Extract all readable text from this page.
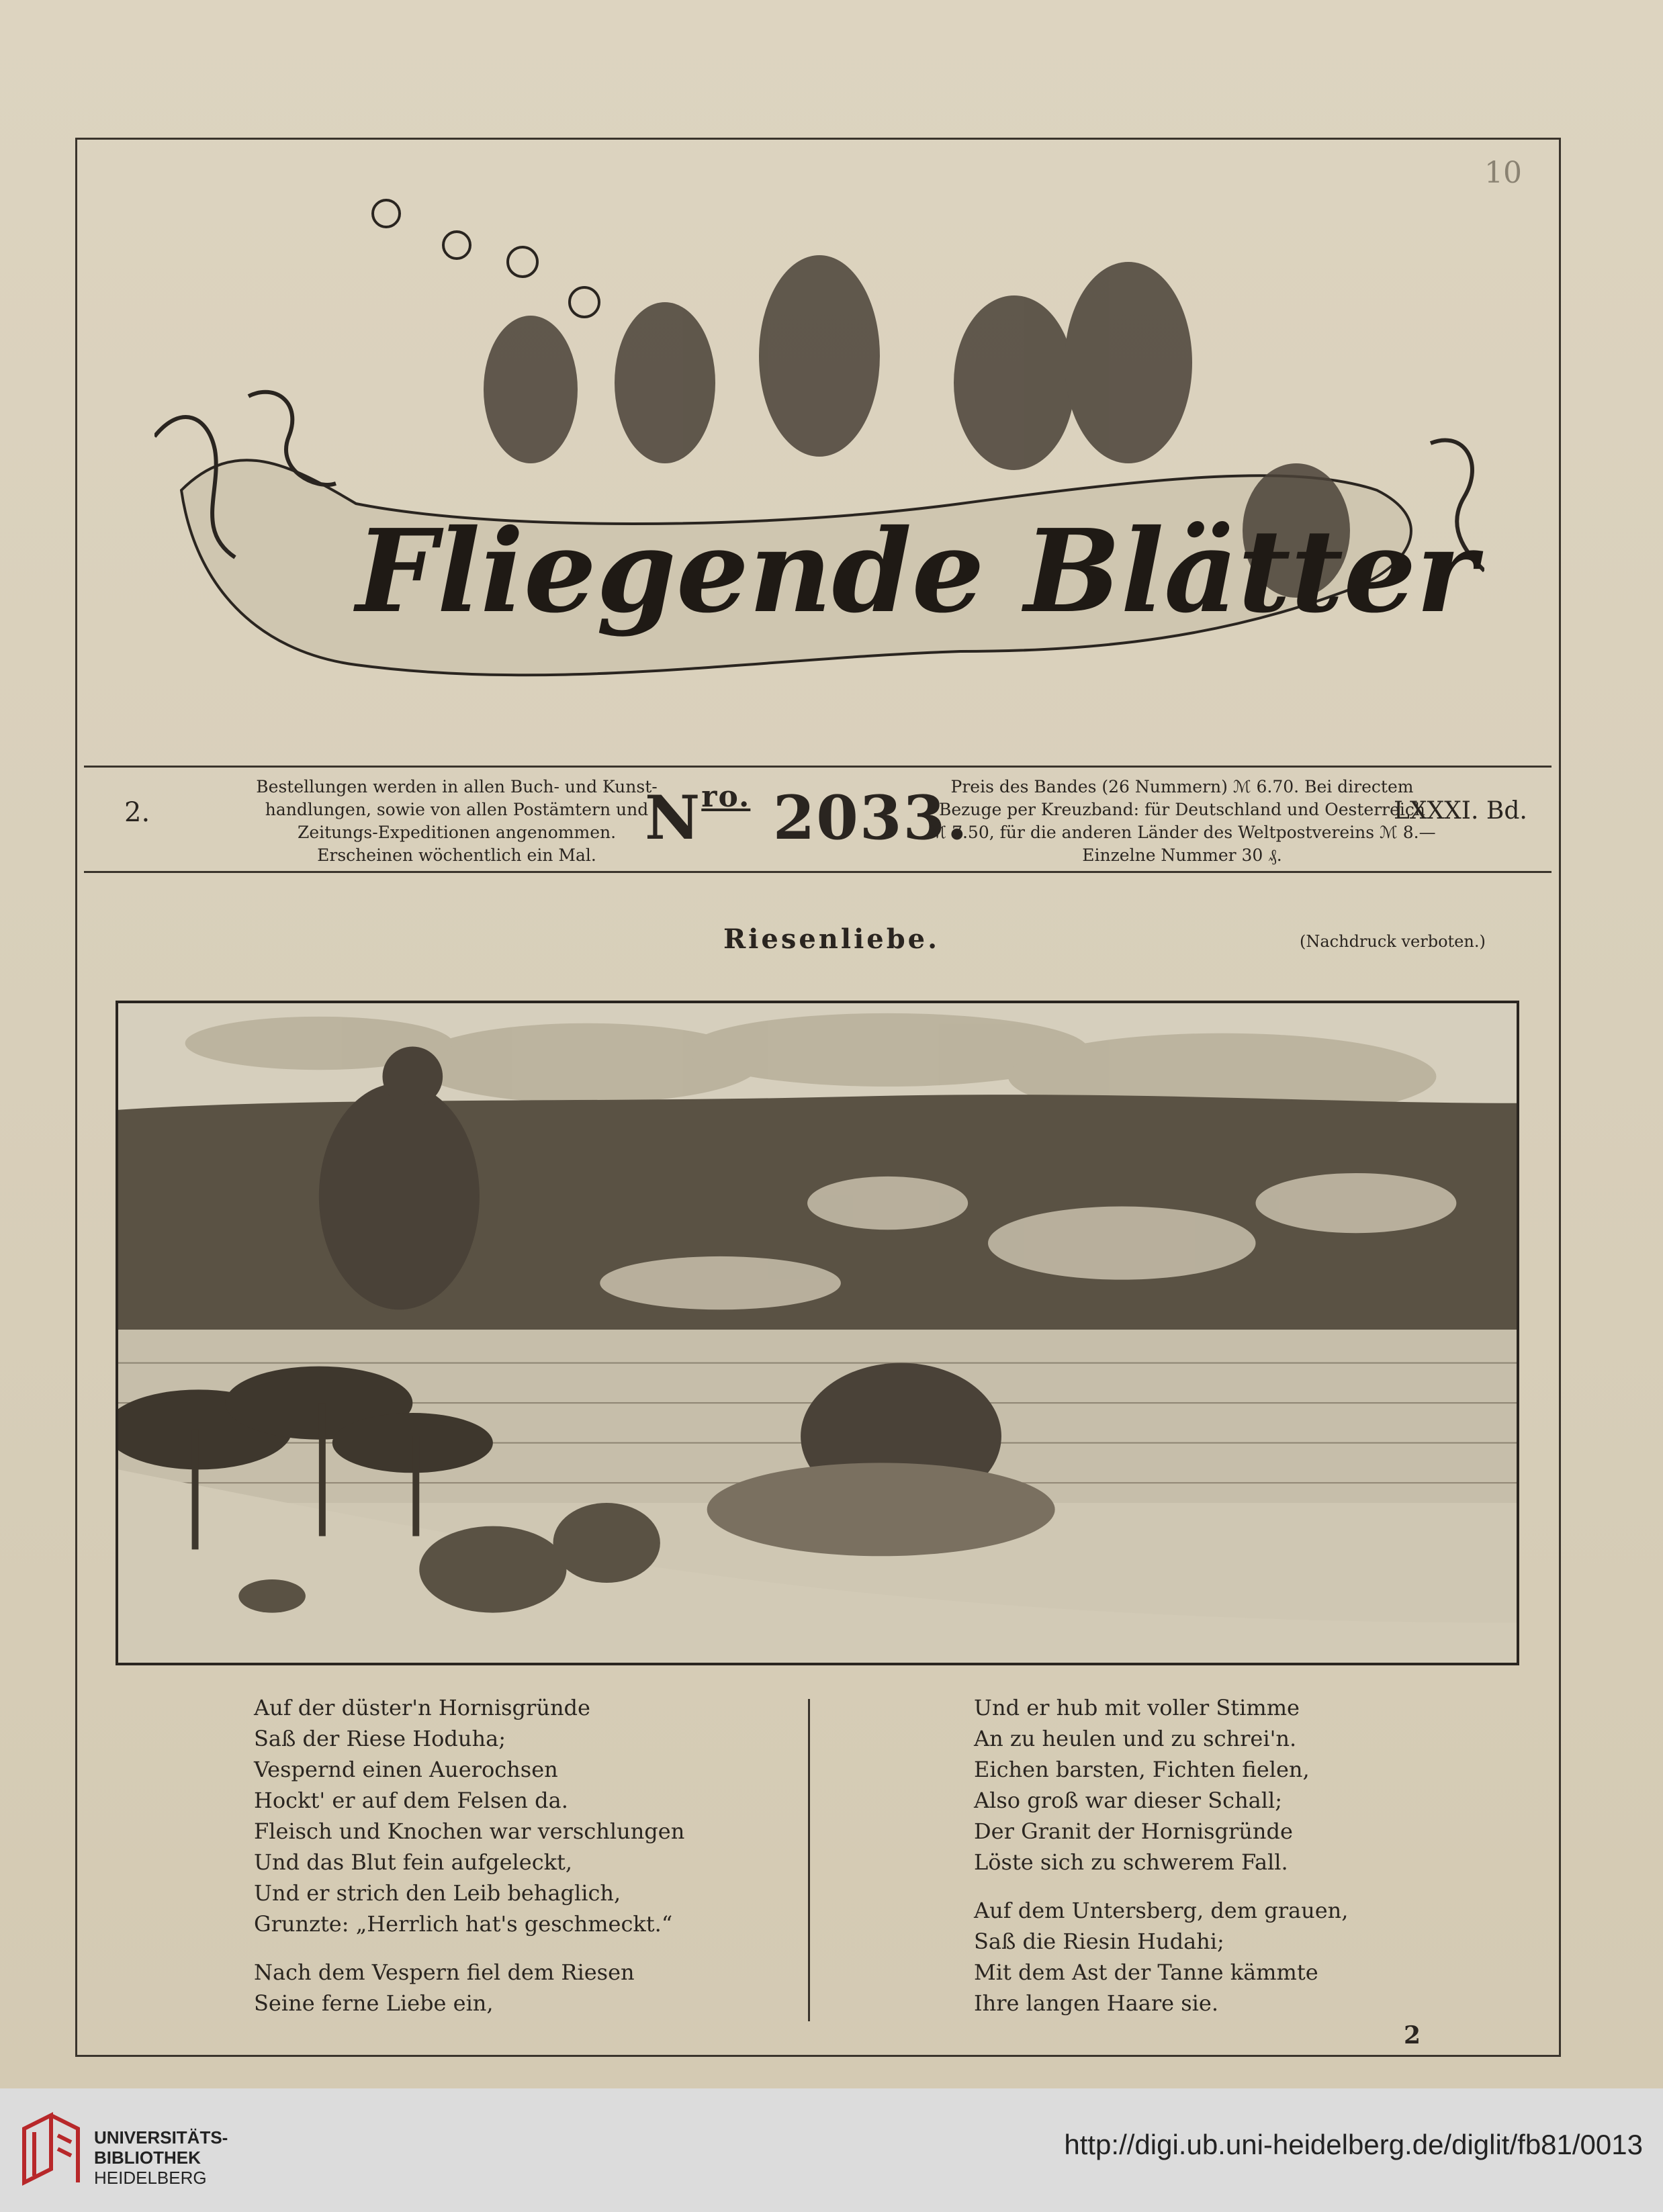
10
Fliegende Blätter
2.
Bestellungen werden in allen Buch- und Kunst-
handlungen, sowie von allen Postämtern und
Zeitungs-Expeditionen angenommen.
Erscheinen wöchentlich ein Mal.
$N^{ro.}$ 2033.
Preis des Bandes (26 Nummern) ℳ 6.70. Bei directem
Bezuge per Kreuzband: für Deutschland und Oesterreich
ℳ 7.50, für die anderen Länder des Weltpostvereins ℳ 8.—
Einzelne Nummer 30 ₰.
LXXXI. Bd.
Riesenliebe.	(Nachdruck verboten.)

Auf der düster'n Hornisgründe
Saß der Riese Hoduha;
Vespernd einen Auerochsen
Hockt' er auf dem Felsen da.
Fleisch und Knochen war verschlungen
Und das Blut fein aufgeleckt,
Und er strich den Leib behaglich,
Grunzte: „Herrlich hat's geschmeckt.“

Nach dem Vespern fiel dem Riesen
Seine ferne Liebe ein,

Und er hub mit voller Stimme
An zu heulen und zu schrei'n.
Eichen barsten, Fichten fielen,
Also groß war dieser Schall;
Der Granit der Hornisgründe
Löste sich zu schwerem Fall.

Auf dem Untersberg, dem grauen,
Saß die Riesin Hudahi;
Mit dem Ast der Tanne kämmte
Ihre langen Haare sie.

2
UNIVERSITÄTS-
BIBLIOTHEK
HEIDELBERG
http://digi.ub.uni-heidelberg.de/diglit/fb81/0013
